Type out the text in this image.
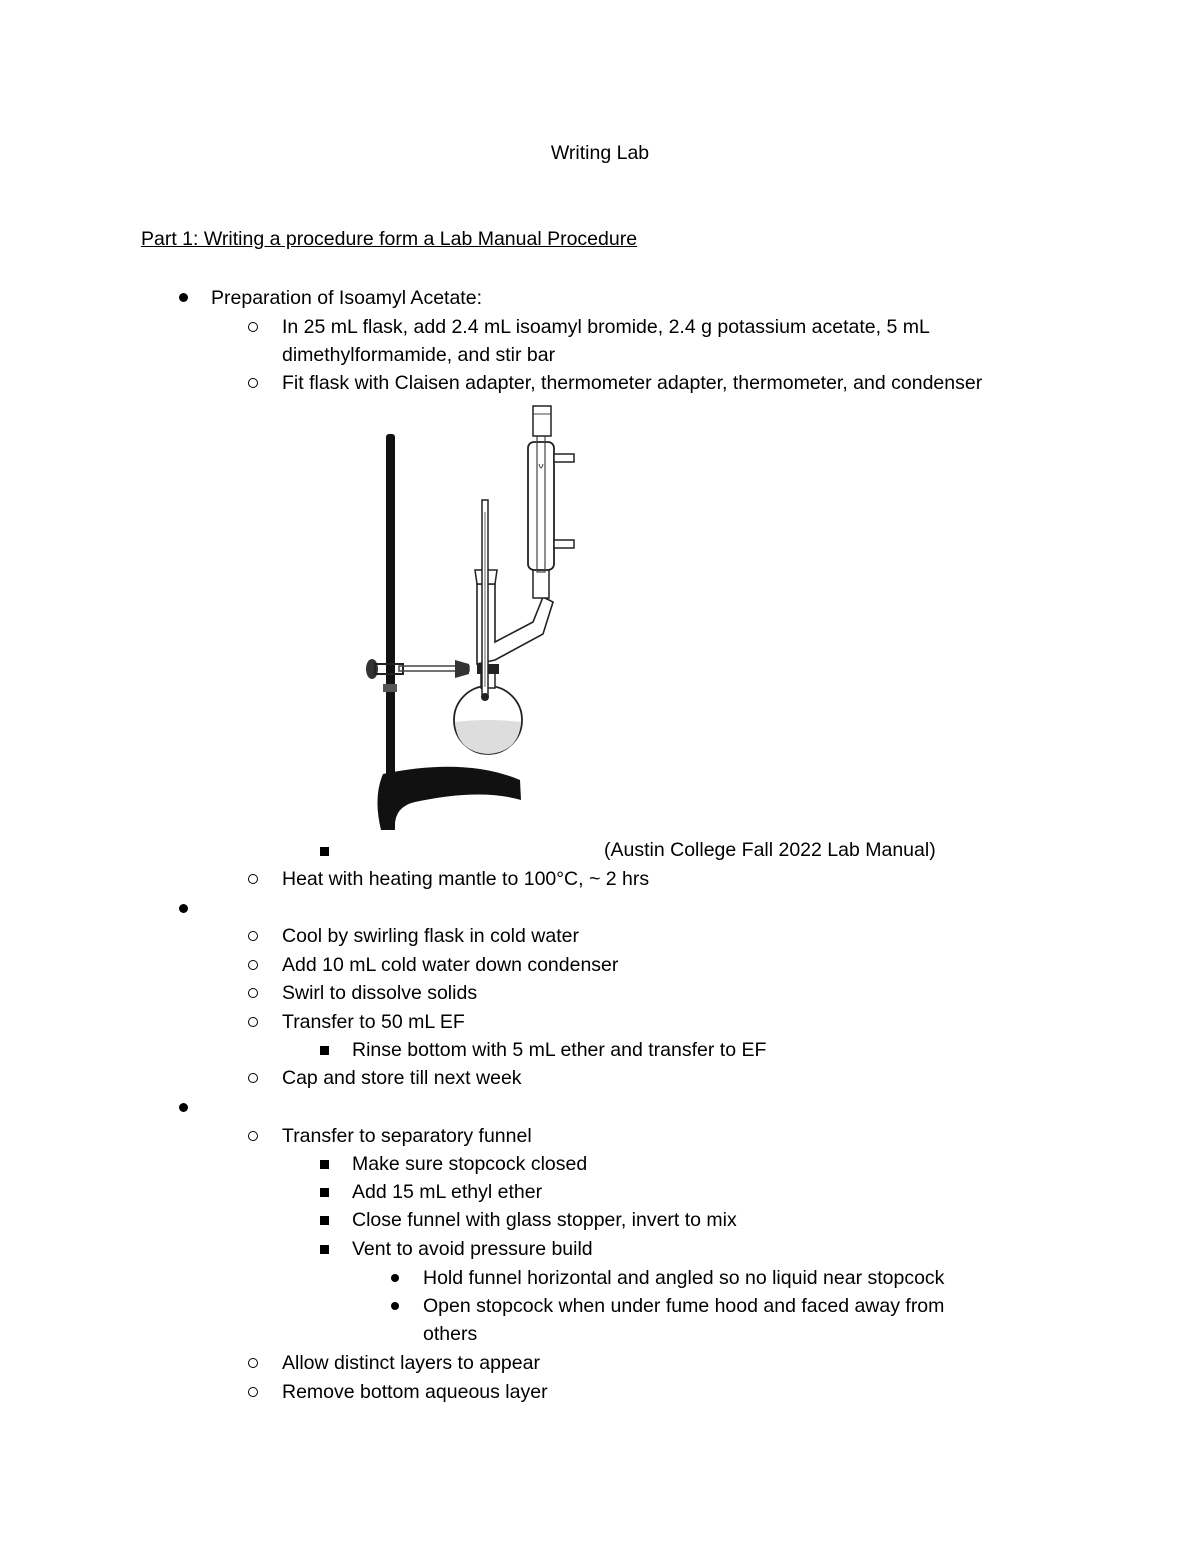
Writing Lab
Part 1: Writing a procedure form a Lab Manual Procedure
Preparation of Isoamyl Acetate:
In 25 mL flask, add 2.4 mL isoamyl bromide, 2.4 g potassium acetate, 5 mL
dimethylformamide, and stir bar
Fit flask with Claisen adapter, thermometer adapter, thermometer, and condenser
(Austin College Fall 2022 Lab Manual)
Heat with heating mantle to 100°C, ~ 2 hrs
Cool by swirling flask in cold water
Add 10 mL cold water down condenser
Swirl to dissolve solids
Transfer to 50 mL EF
Rinse bottom with 5 mL ether and transfer to EF
Cap and store till next week
Transfer to separatory funnel
Make sure stopcock closed
Add 15 mL ethyl ether
Close funnel with glass stopper, invert to mix
Vent to avoid pressure build
Hold funnel horizontal and angled so no liquid near stopcock
Open stopcock when under fume hood and faced away from
others
Allow distinct layers to appear
Remove bottom aqueous layer
